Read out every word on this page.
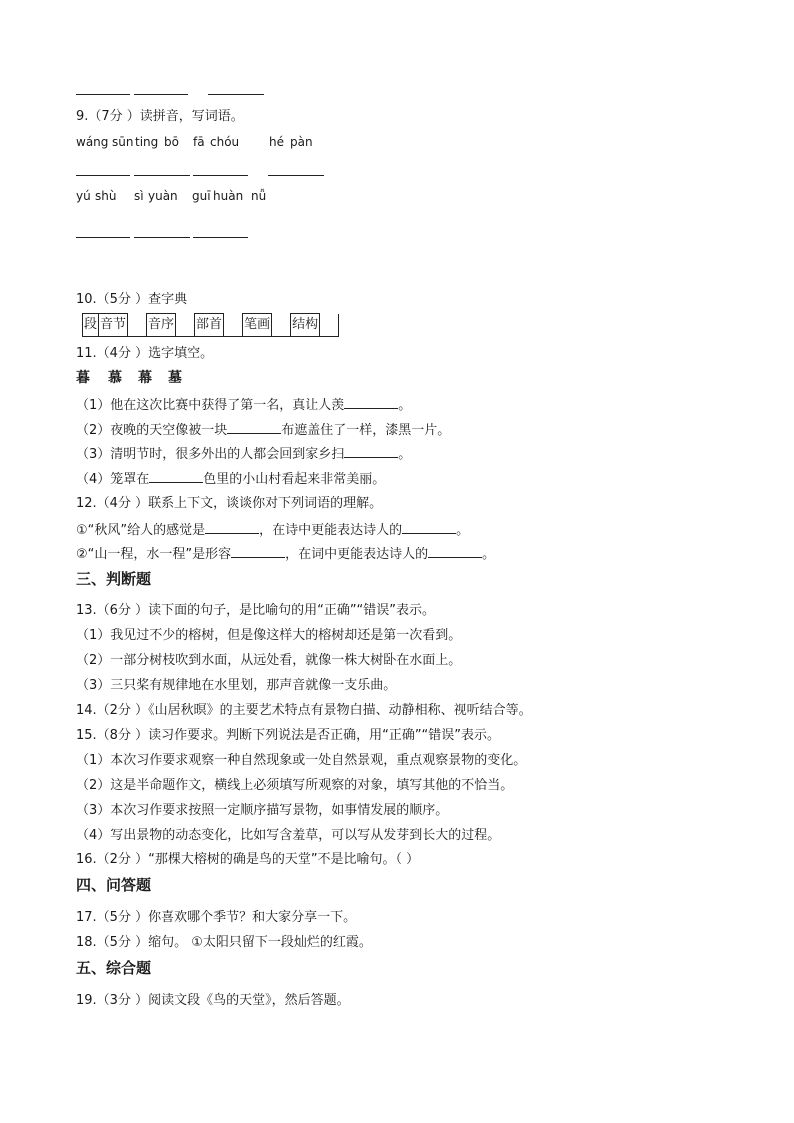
9.（7分 ）读拼音，写词语。
wáng sūn ting bō fā chóu hé pàn
yú shù sì yuàn guī huàn nǚ
10.（5分 ）查字典
段	音节		音序		部首		笔画		结构	
11.（4分 ）选字填空。
暮 慕 幕 墓
（1）他在这次比赛中获得了第一名，真让人羡	。
（2）夜晚的天空像被一块	布遮盖住了一样，漆黑一片。
（3）清明节时，很多外出的人都会回到家乡扫	。
（4）笼罩在	色里的小山村看起来非常美丽。
12.（4分 ）联系上下文，谈谈你对下列词语的理解。
①“秋风”给人的感觉是	，在诗中更能表达诗人的	。
②“山一程，水一程”是形容	，在词中更能表达诗人的	。
三、判断题
13.（6分 ）读下面的句子，是比喻句的用“正确”“错误”表示。
（1）我见过不少的榕树，但是像这样大的榕树却还是第一次看到。
（2）一部分树枝吹到水面，从远处看，就像一株大树卧在水面上。
（3）三只桨有规律地在水里划，那声音就像一支乐曲。
14.（2分 ）《山居秋暝》的主要艺术特点有景物白描、动静相称、视听结合等。
15.（8分 ）读习作要求。判断下列说法是否正确，用“正确”“错误”表示。
（1）本次习作要求观察一种自然现象或一处自然景观，重点观察景物的变化。
（2）这是半命题作文，横线上必须填写所观察的对象，填写其他的不恰当。
（3）本次习作要求按照一定顺序描写景物，如事情发展的顺序。
（4）写出景物的动态变化，比如写含羞草，可以写从发芽到长大的过程。
16.（2分 ）“那棵大榕树的确是鸟的天堂”不是比喻句。（ ）
四、问答题
17.（5分 ）你喜欢哪个季节？和大家分享一下。
18.（5分 ）缩句。 ①太阳只留下一段灿烂的红霞。
五、综合题
19.（3分 ）阅读文段《鸟的天堂》，然后答题。
